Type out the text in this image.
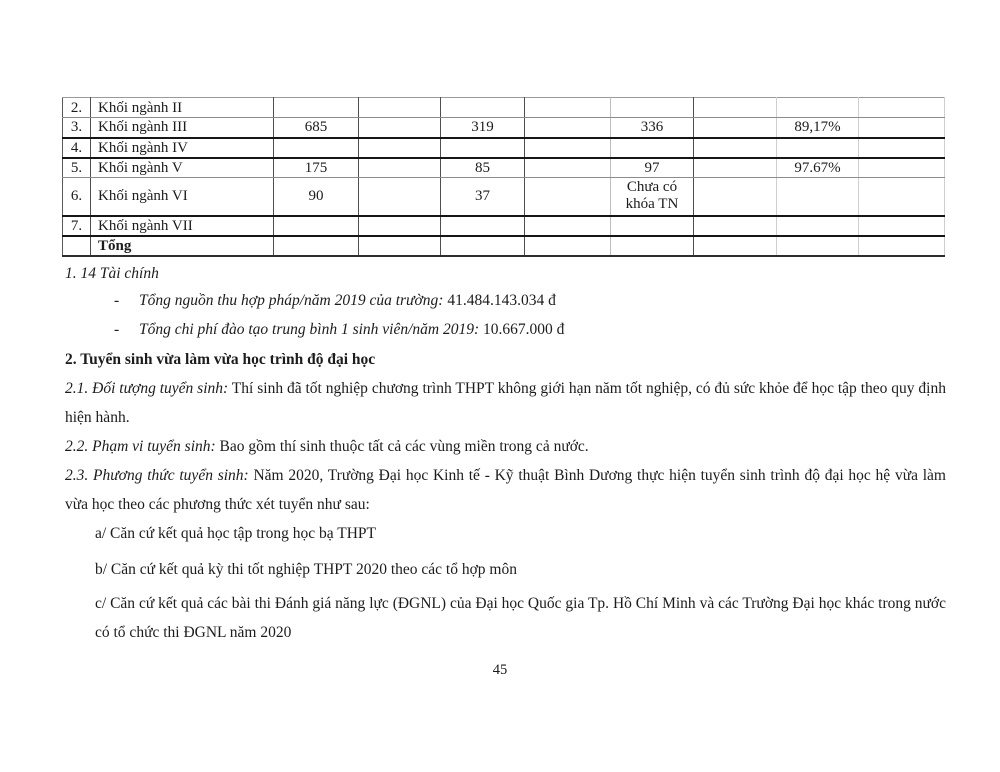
2.	Khối ngành II								
3.	Khối ngành III	685		319		336		89,17%	
4.	Khối ngành IV								
5.	Khối ngành V	175		85		97		97.67%	
6.	Khối ngành VI	90		37		Chưa có khóa TN			
7.	Khối ngành VII								
	Tổng								
1. 14 Tài chính
- Tổng nguồn thu hợp pháp/năm 2019 của trường: 41.484.143.034 đ
- Tổng chi phí đào tạo trung bình 1 sinh viên/năm 2019: 10.667.000 đ
2. Tuyển sinh vừa làm vừa học trình độ đại học
2.1. Đối tượng tuyển sinh: Thí sinh đã tốt nghiệp chương trình THPT không giới hạn năm tốt nghiệp, có đủ sức khỏe để học tập theo quy định hiện hành.
2.2. Phạm vi tuyển sinh: Bao gồm thí sinh thuộc tất cả các vùng miền trong cả nước.
2.3. Phương thức tuyển sinh: Năm 2020, Trường Đại học Kinh tế - Kỹ thuật Bình Dương thực hiện tuyển sinh trình độ đại học hệ vừa làm vừa học theo các phương thức xét tuyển như sau:
a/ Căn cứ kết quả học tập trong học bạ THPT
b/ Căn cứ kết quả kỳ thi tốt nghiệp THPT 2020 theo các tổ hợp môn
c/ Căn cứ kết quả các bài thi Đánh giá năng lực (ĐGNL) của Đại học Quốc gia Tp. Hồ Chí Minh và các Trường Đại học khác trong nước có tổ chức thi ĐGNL năm 2020
45
